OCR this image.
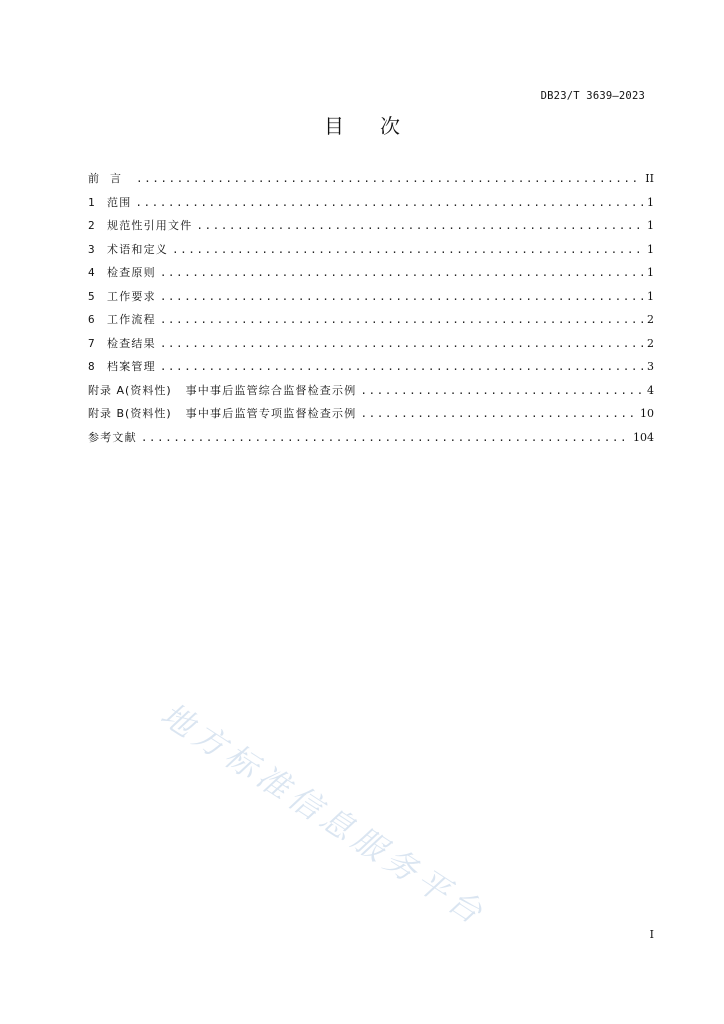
DB23/T 3639—2023
目次
前言 .....	II
1	范围 .....	1
2	规范性引用文件 .....	1
3	术语和定义 .....	1
4	检查原则 .....	1
5	工作要求 .....	1
6	工作流程 .....	2
7	检查结果 .....	2
8	档案管理 .....	3
附录 A(资料性) 事中事后监管综合监督检查示例 .....	4
附录 B(资料性) 事中事后监管专项监督检查示例 .....	10
参考文献 .....	104
地方标准信息服务平台
I
